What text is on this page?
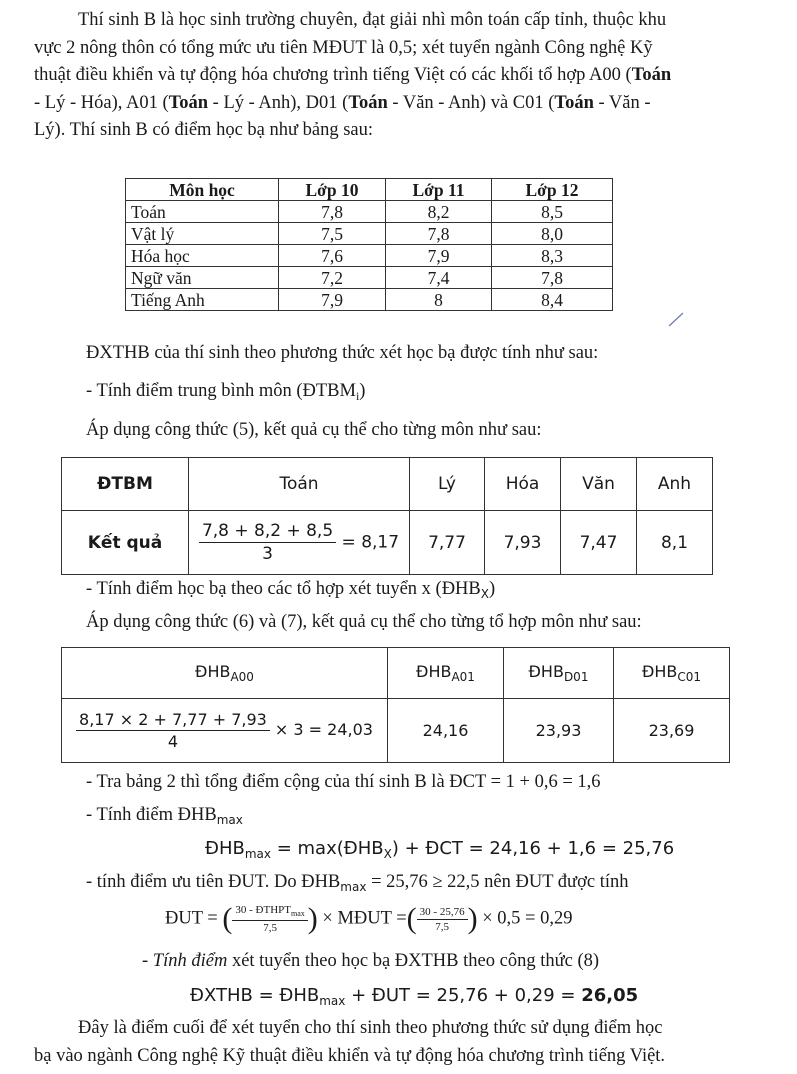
Thí sinh B là học sinh trường chuyên, đạt giải nhì môn toán cấp tỉnh, thuộc khu
vực 2 nông thôn có tổng mức ưu tiên MĐUT là 0,5; xét tuyển ngành Công nghệ Kỹ
thuật điều khiển và tự động hóa chương trình tiếng Việt có các khối tổ hợp A00 (Toán
- Lý - Hóa), A01 (Toán - Lý - Anh), D01 (Toán - Văn - Anh) và C01 (Toán - Văn -
Lý). Thí sinh B có điểm học bạ như bảng sau:
Môn học	Lớp 10	Lớp 11	Lớp 12
Toán	7,8	8,2	8,5
Vật lý	7,5	7,8	8,0
Hóa học	7,6	7,9	8,3
Ngữ văn	7,2	7,4	7,8
Tiếng Anh	7,9	8	8,4
ĐXTHB của thí sinh theo phương thức xét học bạ được tính như sau:
- Tính điểm trung bình môn $(ĐTBM_i)$
Áp dụng công thức (5), kết quả cụ thể cho từng môn như sau:
ĐTBM	Toán	Lý	Hóa	Văn	Anh
Kết quả	$\frac{7,8 + 8,2 + 8,5}{3} = 8,17$	7,77	7,93	7,47	8,1
- Tính điểm học bạ theo các tổ hợp xét tuyển x $(ĐHB_X)$
Áp dụng công thức (6) và (7), kết quả cụ thể cho từng tổ hợp môn như sau:
$ĐHB_{A00}$	$ĐHB_{A01}$	$ĐHB_{D01}$	$ĐHB_{C01}$

$\frac{8,17 \times 2 + 7,77 + 7,93}{4} \times 3 = 24,03$	24,16	23,93	23,69
- Tra bảng 2 thì tổng điểm cộng của thí sinh B là ĐCT = 1 + 0,6 = 1,6
- Tính điểm $ĐHB_{max}$
$ĐHB_{max}$ = $\max(ĐHB_X)$ + ĐCT = 24,16 + 1,6 = 25,76
- tính điểm ưu tiên ĐUT. Do $ĐHB_{max} = 25,76 \ge 22,5$ nên ĐUT được tính
ĐUT = ( $\frac{30 - ĐTHPT_{max}}{7,5}$ ) × MĐUT =( $\frac{30 - 25,76}{7,5}$ ) × 0,5 = 0,29
- Tính điểm xét tuyển theo học bạ ĐXTHB theo công thức (8)
ĐXTHB = $ĐHB_{max}$ + ĐUT = 25,76 + 0,29 = 26,05
Đây là điểm cuối để xét tuyển cho thí sinh theo phương thức sử dụng điểm học
bạ vào ngành Công nghệ Kỹ thuật điều khiển và tự động hóa chương trình tiếng Việt.
